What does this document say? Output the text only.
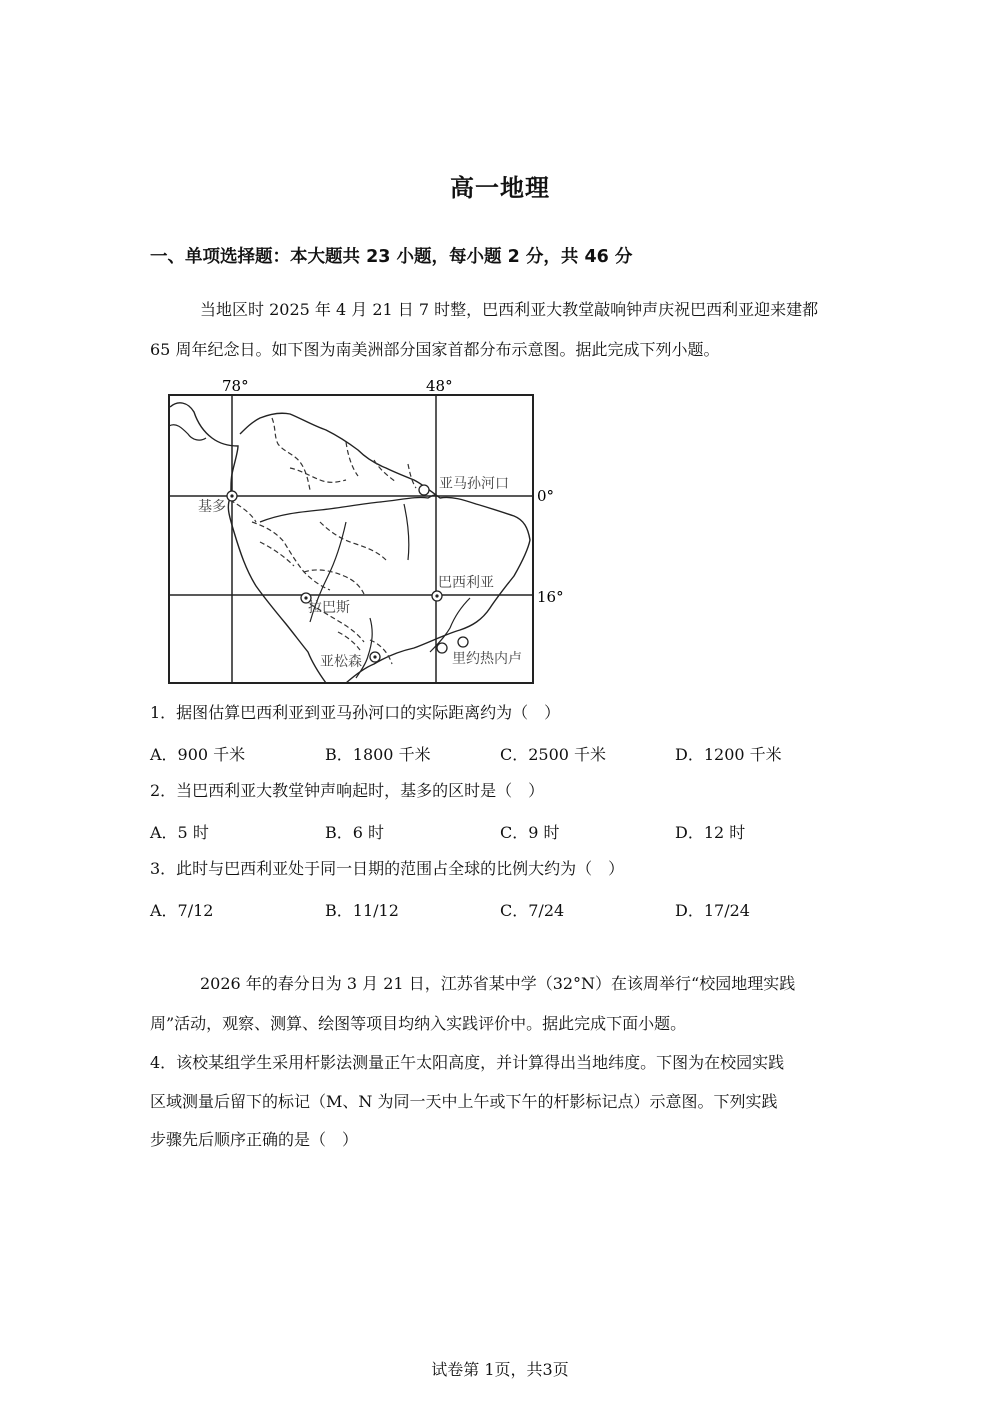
高一地理
一、单项选择题：本大题共 23 小题，每小题 2 分，共 46 分
当地区时 2025 年 4 月 21 日 7 时整，巴西利亚大教堂敲响钟声庆祝巴西利亚迎来建都
65 周年纪念日。如下图为南美洲部分国家首都分布示意图。据此完成下列小题。
78°	48°
0°
16°
基多
亚马孙河口
巴西利亚
拉巴斯
亚松森	里约热内卢
1．据图估算巴西利亚到亚马孙河口的实际距离约为（　）
A．900 千米	B．1800 千米	C．2500 千米	D．1200 千米
2．当巴西利亚大教堂钟声响起时，基多的区时是（　）
A．5 时	B．6 时	C．9 时	D．12 时
3．此时与巴西利亚处于同一日期的范围占全球的比例大约为（　）
A．7/12	B．11/12	C．7/24	D．17/24
2026 年的春分日为 3 月 21 日，江苏省某中学（32°N）在该周举行“校园地理实践
周”活动，观察、测算、绘图等项目均纳入实践评价中。据此完成下面小题。
4．该校某组学生采用杆影法测量正午太阳高度，并计算得出当地纬度。下图为在校园实践
区域测量后留下的标记（M、N 为同一天中上午或下午的杆影标记点）示意图。下列实践
步骤先后顺序正确的是（　）
试卷第 1页，共3页
